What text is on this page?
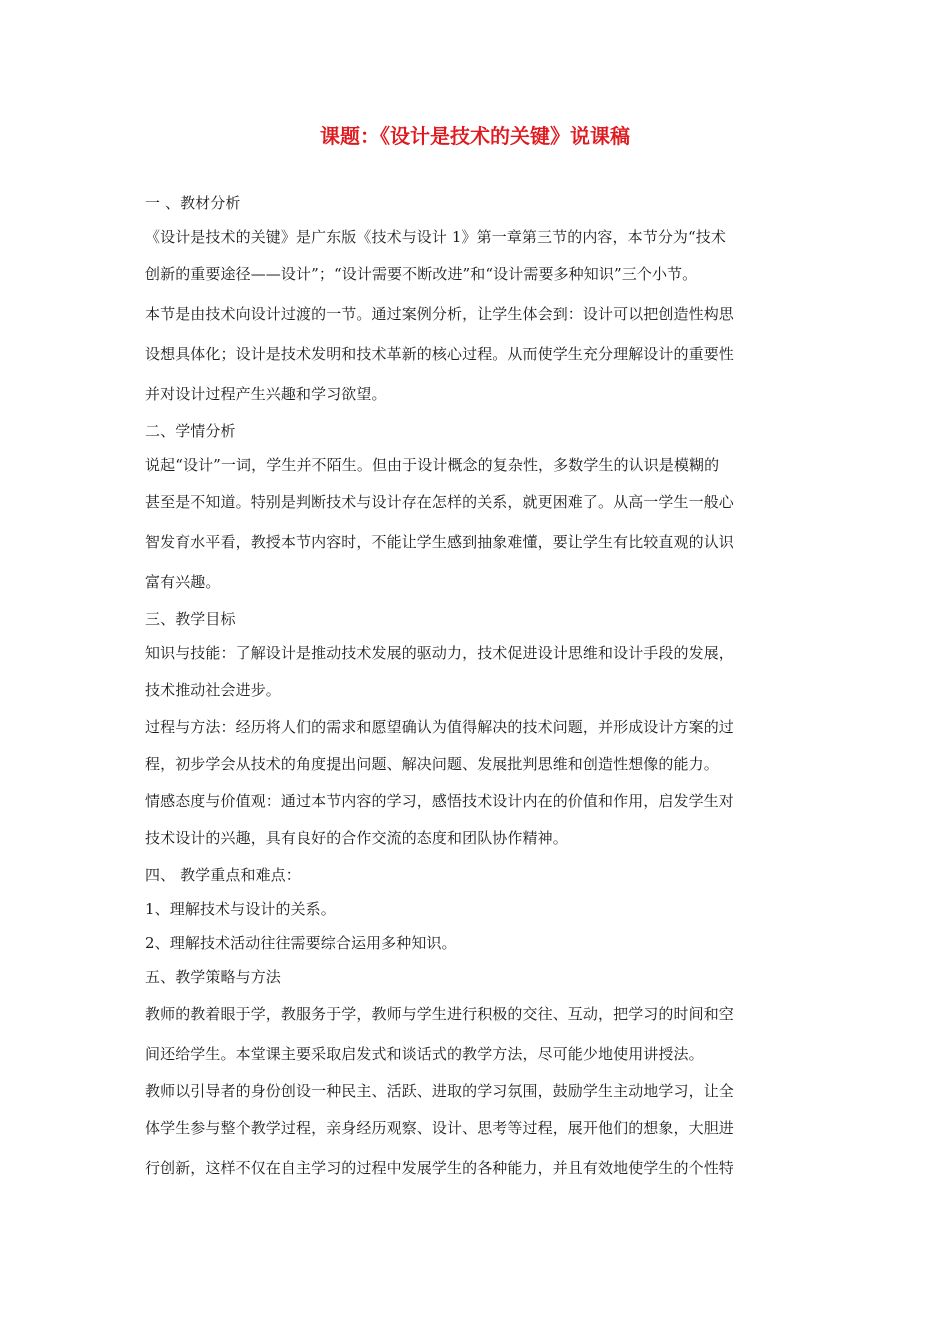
课题：《设计是技术的关键》说课稿

一 、教材分析

《设计是技术的关键》是广东版《技术与设计 1》第一章第三节的内容，本节分为“技术

创新的重要途径——设计”；“设计需要不断改进”和“设计需要多种知识”三个小节。

本节是由技术向设计过渡的一节。通过案例分析，让学生体会到：设计可以把创造性构思

设想具体化；设计是技术发明和技术革新的核心过程。从而使学生充分理解设计的重要性

并对设计过程产生兴趣和学习欲望。

二、学情分析

说起“设计”一词，学生并不陌生。但由于设计概念的复杂性，多数学生的认识是模糊的

甚至是不知道。特别是判断技术与设计存在怎样的关系，就更困难了。从高一学生一般心

智发育水平看，教授本节内容时，不能让学生感到抽象难懂，要让学生有比较直观的认识

富有兴趣。

三、教学目标

知识与技能：了解设计是推动技术发展的驱动力，技术促进设计思维和设计手段的发展，

技术推动社会进步。

过程与方法：经历将人们的需求和愿望确认为值得解决的技术问题，并形成设计方案的过

程，初步学会从技术的角度提出问题、解决问题、发展批判思维和创造性想像的能力。

情感态度与价值观：通过本节内容的学习，感悟技术设计内在的价值和作用，启发学生对

技术设计的兴趣，具有良好的合作交流的态度和团队协作精神。

四、 教学重点和难点：

1、理解技术与设计的关系。

2、理解技术活动往往需要综合运用多种知识。

五、教学策略与方法

教师的教着眼于学，教服务于学，教师与学生进行积极的交往、互动，把学习的时间和空

间还给学生。本堂课主要采取启发式和谈话式的教学方法，尽可能少地使用讲授法。

教师以引导者的身份创设一种民主、活跃、进取的学习氛围，鼓励学生主动地学习，让全

体学生参与整个教学过程，亲身经历观察、设计、思考等过程，展开他们的想象，大胆进

行创新，这样不仅在自主学习的过程中发展学生的各种能力，并且有效地使学生的个性特
